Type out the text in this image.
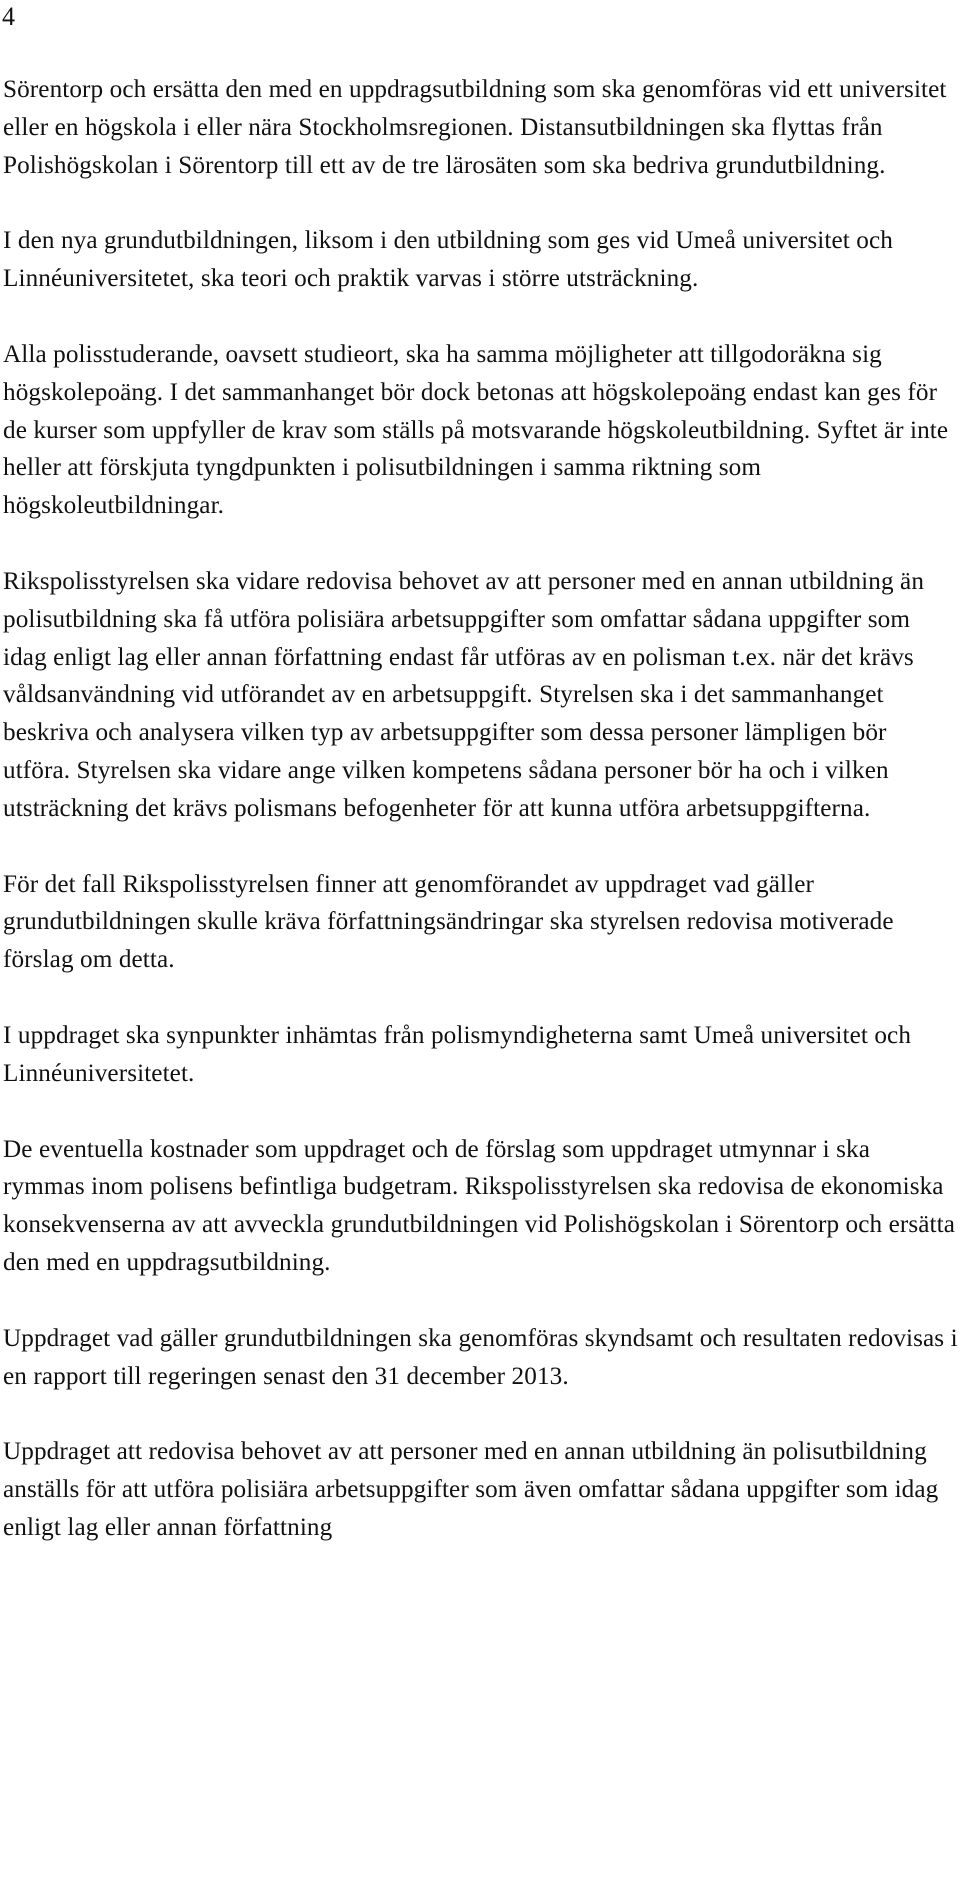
4

Sörentorp och ersätta den med en uppdragsutbildning som ska genomföras vid ett universitet eller en högskola i eller nära Stockholmsregionen. Distansutbildningen ska flyttas från Polishögskolan i Sörentorp till ett av de tre lärosäten som ska bedriva grundutbildning.

I den nya grundutbildningen, liksom i den utbildning som ges vid Umeå universitet och Linnéuniversitetet, ska teori och praktik varvas i större utsträckning.

Alla polisstuderande, oavsett studieort, ska ha samma möjligheter att tillgodoräkna sig högskolepoäng. I det sammanhanget bör dock betonas att högskolepoäng endast kan ges för de kurser som uppfyller de krav som ställs på motsvarande högskoleutbildning. Syftet är inte heller att förskjuta tyngdpunkten i polisutbildningen i samma riktning som högskoleutbildningar.

Rikspolisstyrelsen ska vidare redovisa behovet av att personer med en annan utbildning än polisutbildning ska få utföra polisiära arbetsuppgifter som omfattar sådana uppgifter som idag enligt lag eller annan författning endast får utföras av en polisman t.ex. när det krävs våldsanvändning vid utförandet av en arbetsuppgift. Styrelsen ska i det sammanhanget beskriva och analysera vilken typ av arbetsuppgifter som dessa personer lämpligen bör utföra. Styrelsen ska vidare ange vilken kompetens sådana personer bör ha och i vilken utsträckning det krävs polismans befogenheter för att kunna utföra arbetsuppgifterna.

För det fall Rikspolisstyrelsen finner att genomförandet av uppdraget vad gäller grundutbildningen skulle kräva författningsändringar ska styrelsen redovisa motiverade förslag om detta.

I uppdraget ska synpunkter inhämtas från polismyndigheterna samt Umeå universitet och Linnéuniversitetet.

De eventuella kostnader som uppdraget och de förslag som uppdraget utmynnar i ska rymmas inom polisens befintliga budgetram. Rikspolisstyrelsen ska redovisa de ekonomiska konsekvenserna av att avveckla grundutbildningen vid Polishögskolan i Sörentorp och ersätta den med en uppdragsutbildning.

Uppdraget vad gäller grundutbildningen ska genomföras skyndsamt och resultaten redovisas i en rapport till regeringen senast den 31 december 2013.

Uppdraget att redovisa behovet av att personer med en annan utbildning än polisutbildning anställs för att utföra polisiära arbetsuppgifter som även omfattar sådana uppgifter som idag enligt lag eller annan författning
